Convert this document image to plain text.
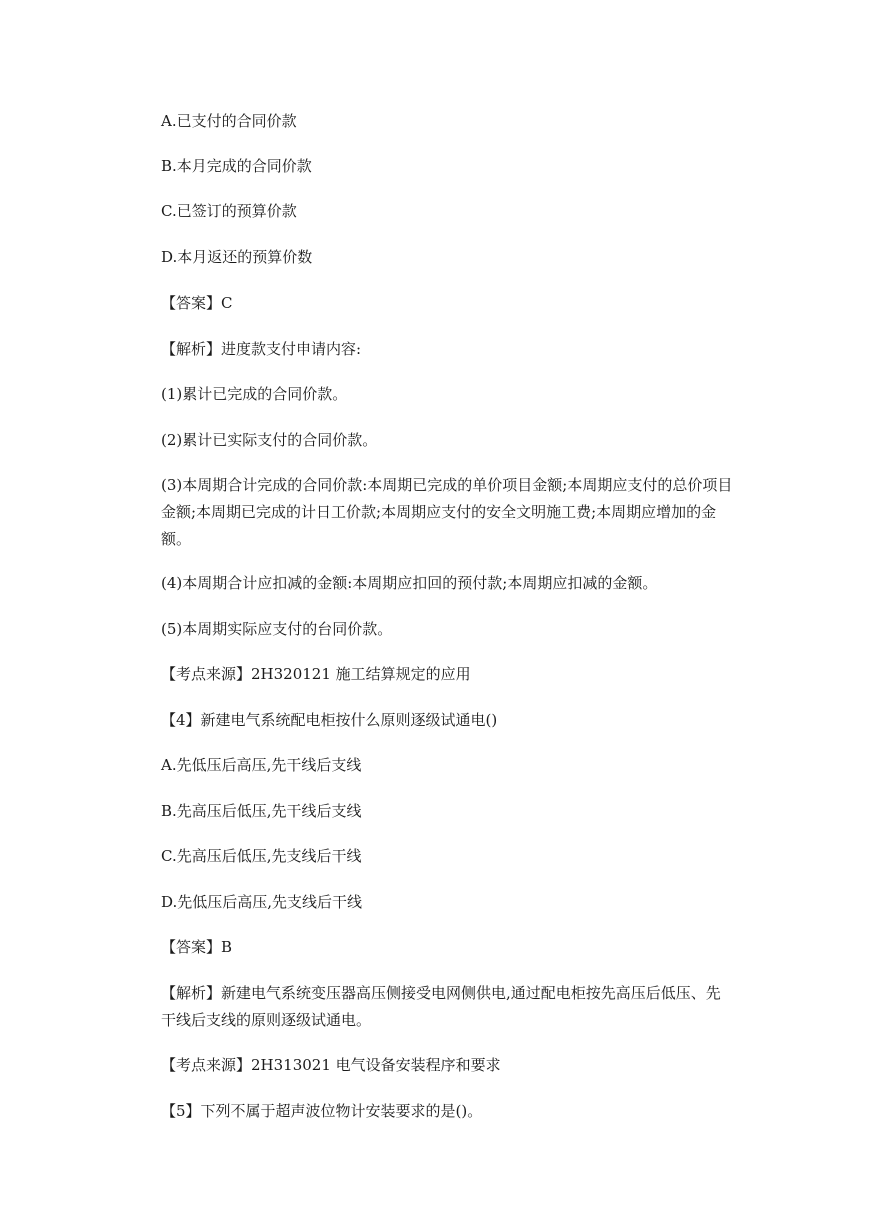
A.已支付的合同价款
B.本月完成的合同价款
C.已签订的预算价款
D.本月返还的预算价数
【答案】C
【解析】进度款支付申请内容:
(1)累计已完成的合同价款。
(2)累计已实际支付的合同价款。
(3)本周期合计完成的合同价款:本周期已完成的单价项目金额;本周期应支付的总价项目金额;本周期已完成的计日工价款;本周期应支付的安全文明施工费;本周期应增加的金额。
(4)本周期合计应扣减的金额:本周期应扣回的预付款;本周期应扣减的金额。
(5)本周期实际应支付的台同价款。
【考点来源】2H320121 施工结算规定的应用
【4】新建电气系统配电柜按什么原则逐级试通电()
A.先低压后高压,先干线后支线
B.先高压后低压,先干线后支线
C.先高压后低压,先支线后干线
D.先低压后高压,先支线后干线
【答案】B
【解析】新建电气系统变压器高压侧接受电网侧供电,通过配电柜按先高压后低压、先干线后支线的原则逐级试通电。
【考点来源】2H313021 电气设备安装程序和要求
【5】下列不属于超声波位物计安装要求的是()。
